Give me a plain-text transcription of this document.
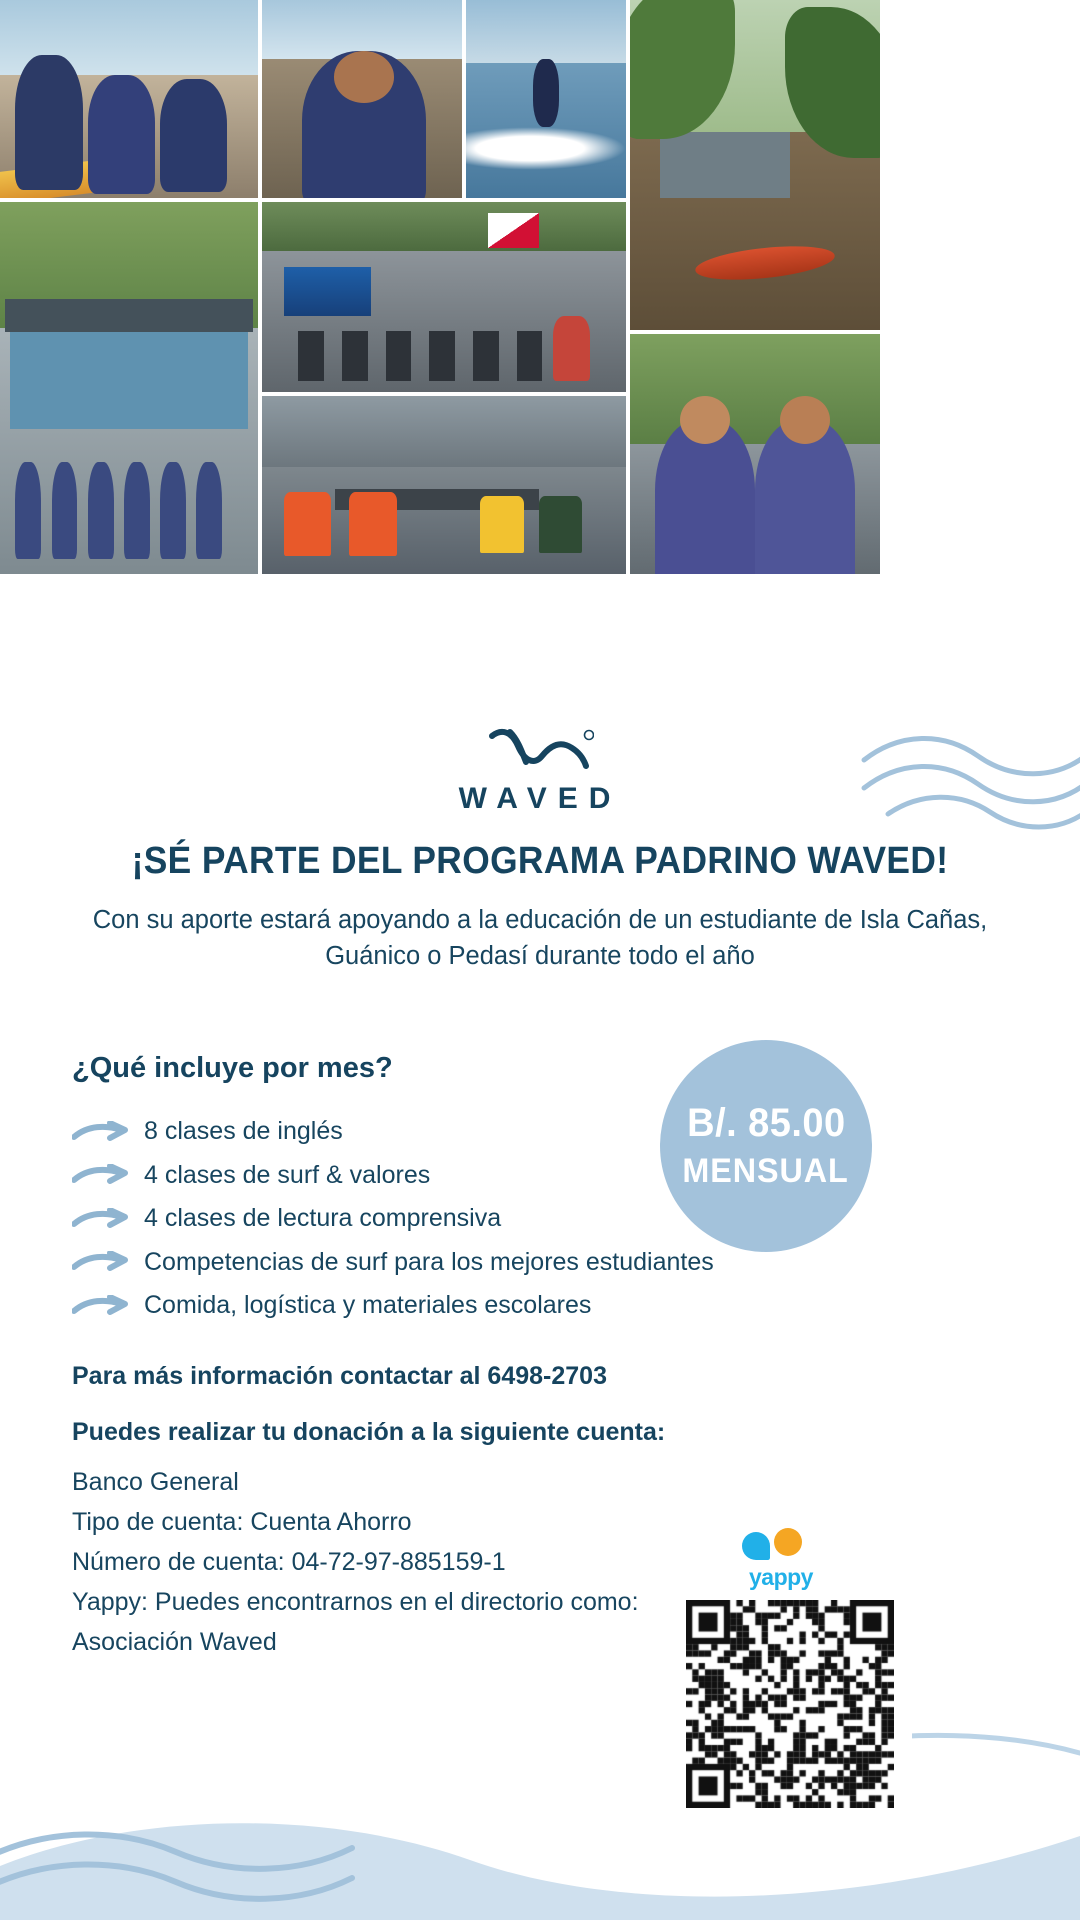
WAVED
¡SÉ PARTE DEL PROGRAMA PADRINO WAVED!
Con su aporte estará apoyando a la educación de un estudiante de Isla Cañas, Guánico o Pedasí durante todo el año
¿Qué incluye por mes?
8 clases de inglés
4 clases de surf & valores
4 clases de lectura comprensiva
Competencias de surf para los mejores estudiantes
Comida, logística y materiales escolares
B/. 85.00
MENSUAL
Para más información contactar al 6498-2703
Puedes realizar tu donación a la siguiente cuenta:
Banco General
Tipo de cuenta: Cuenta Ahorro
Número de cuenta: 04-72-97-885159-1
Yappy: Puedes encontrarnos en el directorio como:
Asociación Waved
yappy
